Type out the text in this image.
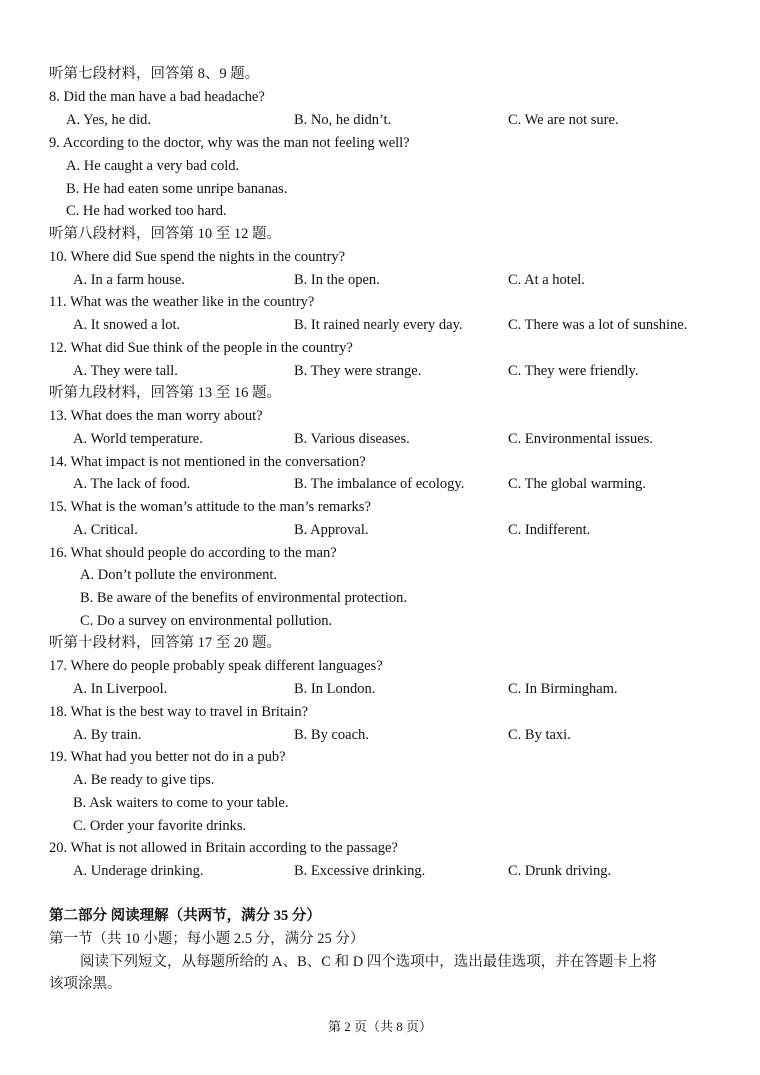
听第七段材料，回答第 8、9 题。
8. Did the man have a bad headache?
A. Yes, he did.	B. No, he didn’t.	C. We are not sure.
9. According to the doctor, why was the man not feeling well?
A. He caught a very bad cold.
B. He had eaten some unripe bananas.
C. He had worked too hard.
听第八段材料，回答第 10 至 12 题。
10. Where did Sue spend the nights in the country?
A. In a farm house.	B. In the open.	C. At a hotel.
11. What was the weather like in the country?
A. It snowed a lot.	B. It rained nearly every day.	C. There was a lot of sunshine.
12. What did Sue think of the people in the country?
A. They were tall.	B. They were strange.	C. They were friendly.
听第九段材料，回答第 13 至 16 题。
13. What does the man worry about?
A. World temperature.	B. Various diseases.	C. Environmental issues.
14. What impact is not mentioned in the conversation?
A. The lack of food.	B. The imbalance of ecology.	C. The global warming.
15. What is the woman’s attitude to the man’s remarks?
A. Critical.	B. Approval.	C. Indifferent.
16. What should people do according to the man?
A. Don’t pollute the environment.
B. Be aware of the benefits of environmental protection.
C. Do a survey on environmental pollution.
听第十段材料，回答第 17 至 20 题。
17. Where do people probably speak different languages?
A. In Liverpool.	B. In London.	C. In Birmingham.
18. What is the best way to travel in Britain?
A. By train.	B. By coach.	C. By taxi.
19. What had you better not do in a pub?
A. Be ready to give tips.
B. Ask waiters to come to your table.
C. Order your favorite drinks.
20. What is not allowed in Britain according to the passage?
A. Underage drinking.	B. Excessive drinking.	C. Drunk driving.
第二部分 阅读理解（共两节，满分 35 分）
第一节（共 10 小题；每小题 2.5 分，满分 25 分）
阅读下列短文，从每题所给的 A、B、C 和 D 四个选项中，选出最佳选项，并在答题卡上将
该项涂黑。
第 2 页（共 8 页）
